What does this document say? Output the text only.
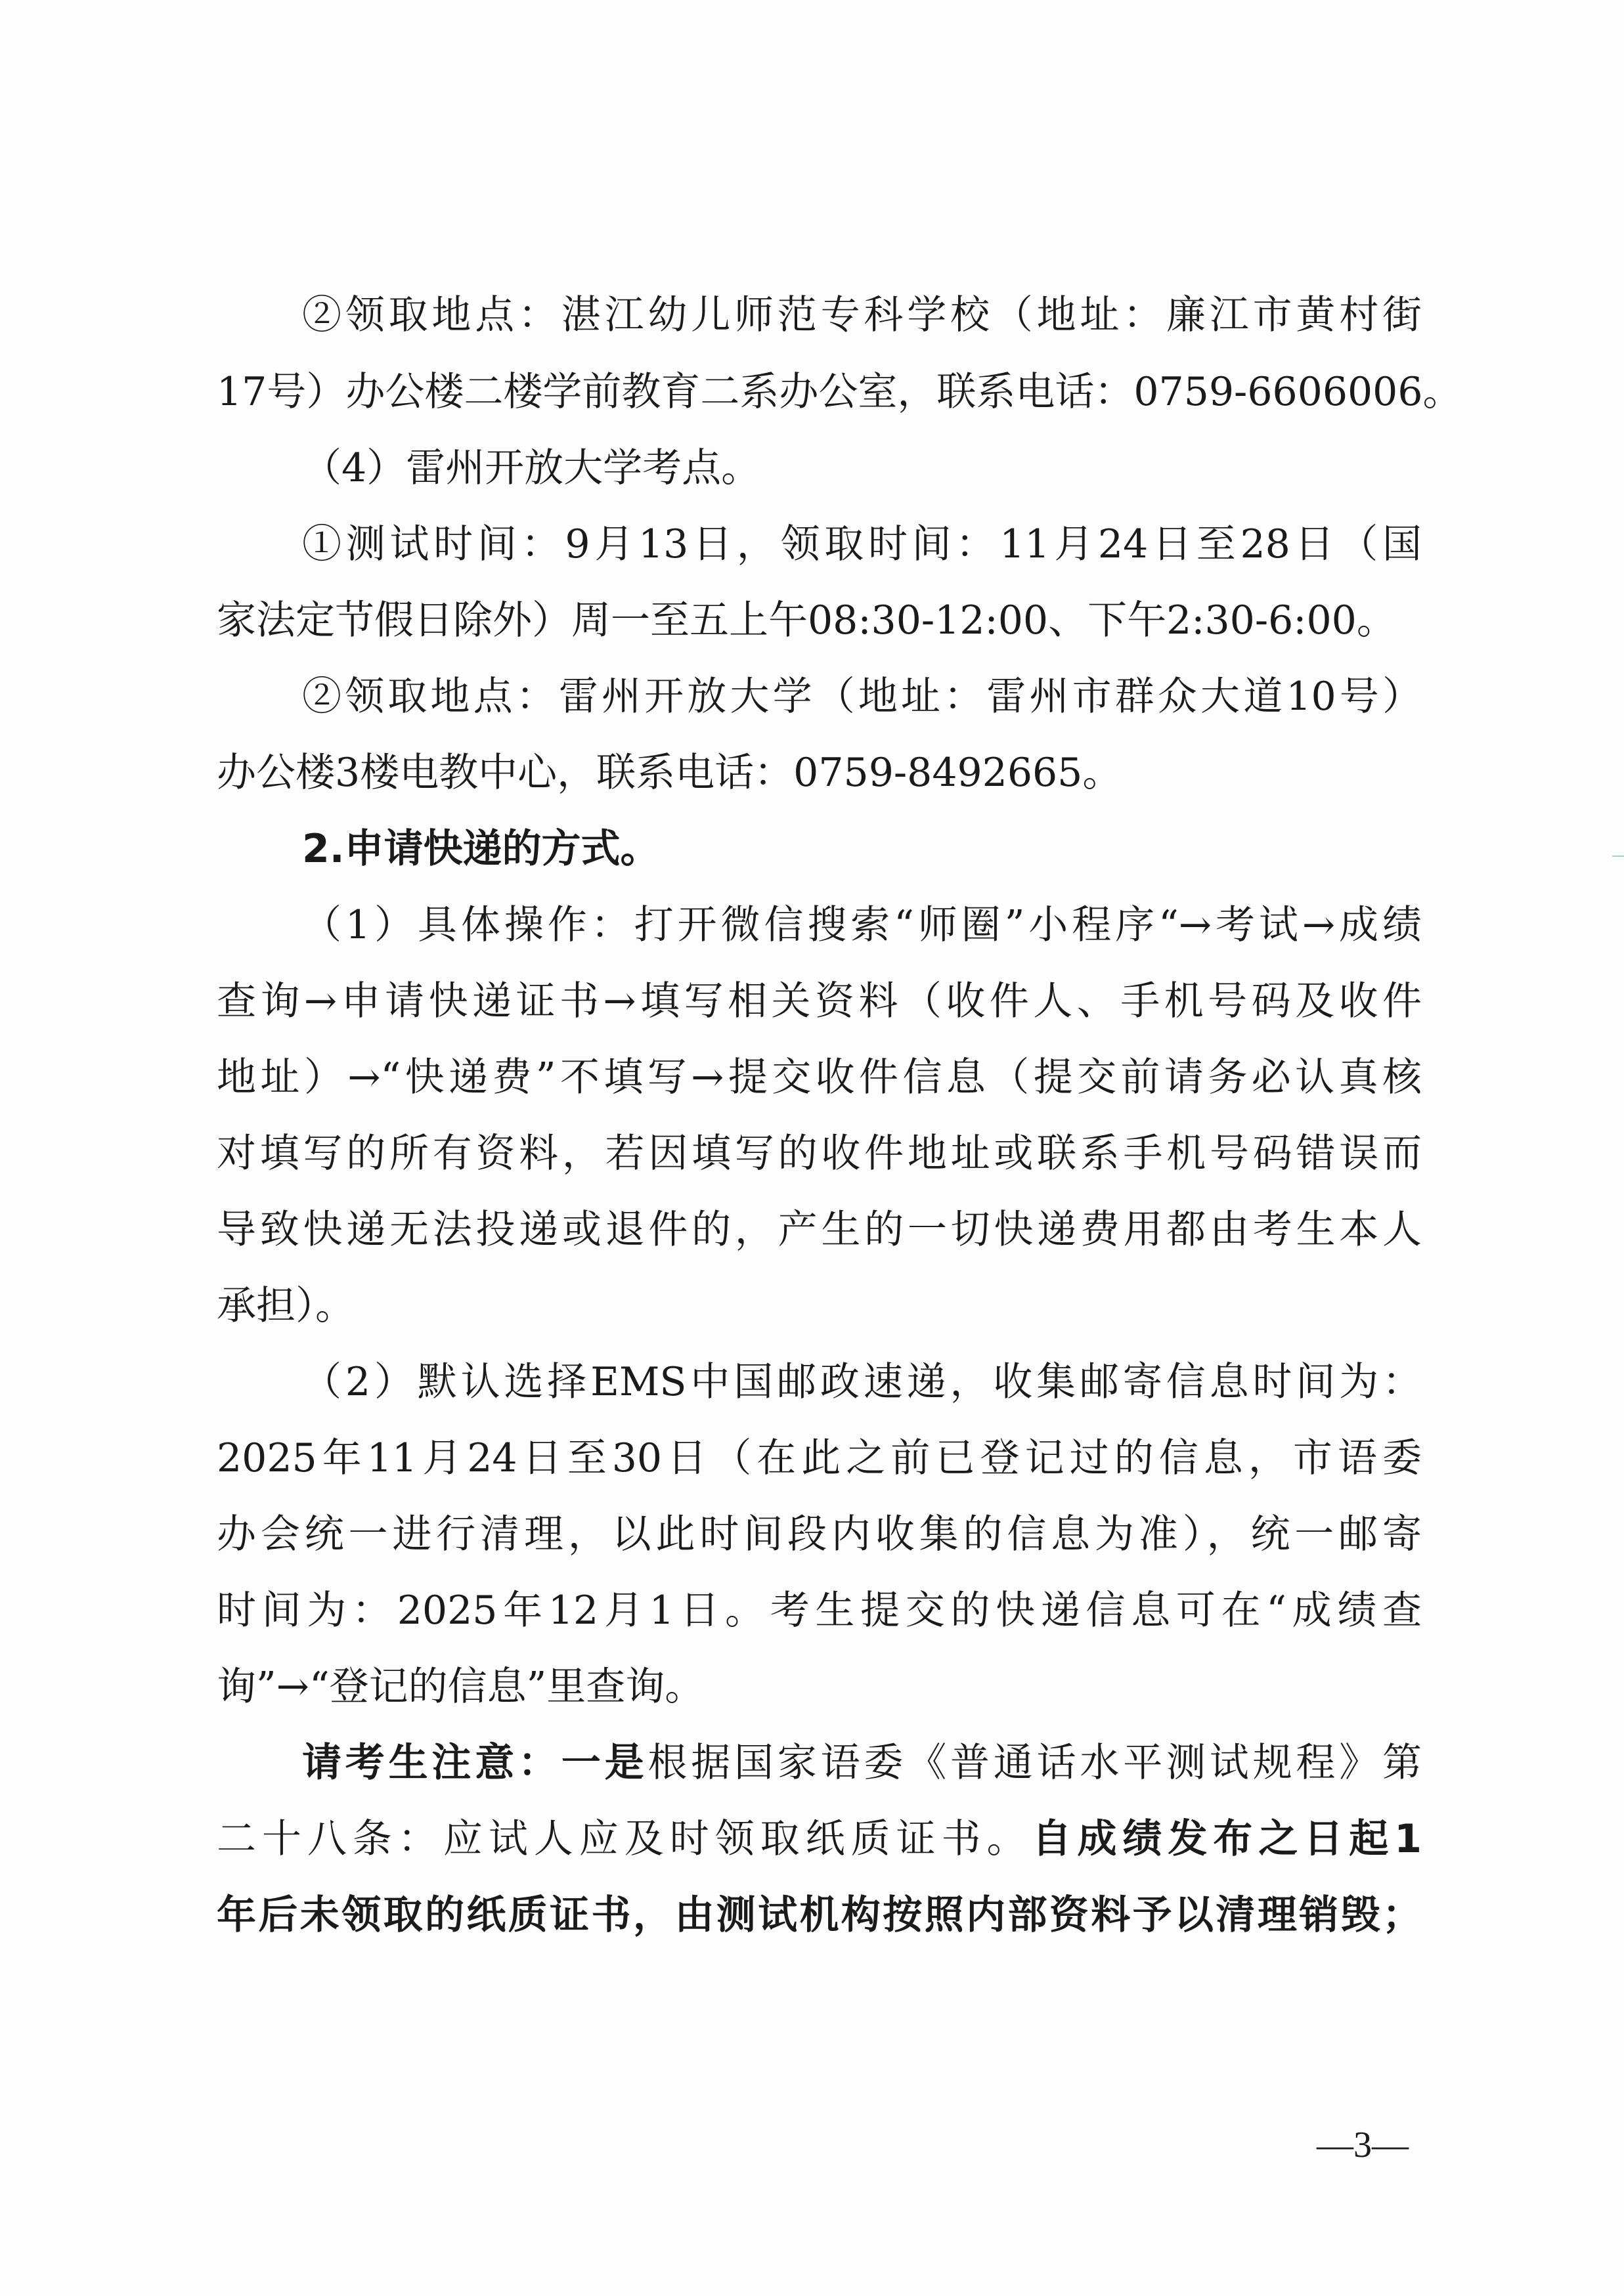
②领取地点：湛江幼儿师范专科学校（地址：廉江市黄村街
17号）办公楼二楼学前教育二系办公室，联系电话：0759-6606006。
（4）雷州开放大学考点。
①测试时间：9月13日，领取时间：11月24日至28日（国
家法定节假日除外）周一至五上午08:30-12:00、下午2:30-6:00。
②领取地点：雷州开放大学（地址：雷州市群众大道10号）
办公楼3楼电教中心，联系电话：0759-8492665。
2.申请快递的方式。
（1）具体操作：打开微信搜索“师圈”小程序“→考试→成绩
查询→申请快递证书→填写相关资料（收件人、手机号码及收件
地址）→“快递费”不填写→提交收件信息（提交前请务必认真核
对填写的所有资料，若因填写的收件地址或联系手机号码错误而
导致快递无法投递或退件的，产生的一切快递费用都由考生本人
承担）。
（2）默认选择EMS中国邮政速递，收集邮寄信息时间为：
2025年11月24日至30日（在此之前已登记过的信息，市语委
办会统一进行清理，以此时间段内收集的信息为准），统一邮寄
时间为：2025年12月1日。考生提交的快递信息可在“成绩查
询”→“登记的信息”里查询。
请考生注意：一是根据国家语委《普通话水平测试规程》第
二十八条：应试人应及时领取纸质证书。自成绩发布之日起1
年后未领取的纸质证书，由测试机构按照内部资料予以清理销毁；
—3—
